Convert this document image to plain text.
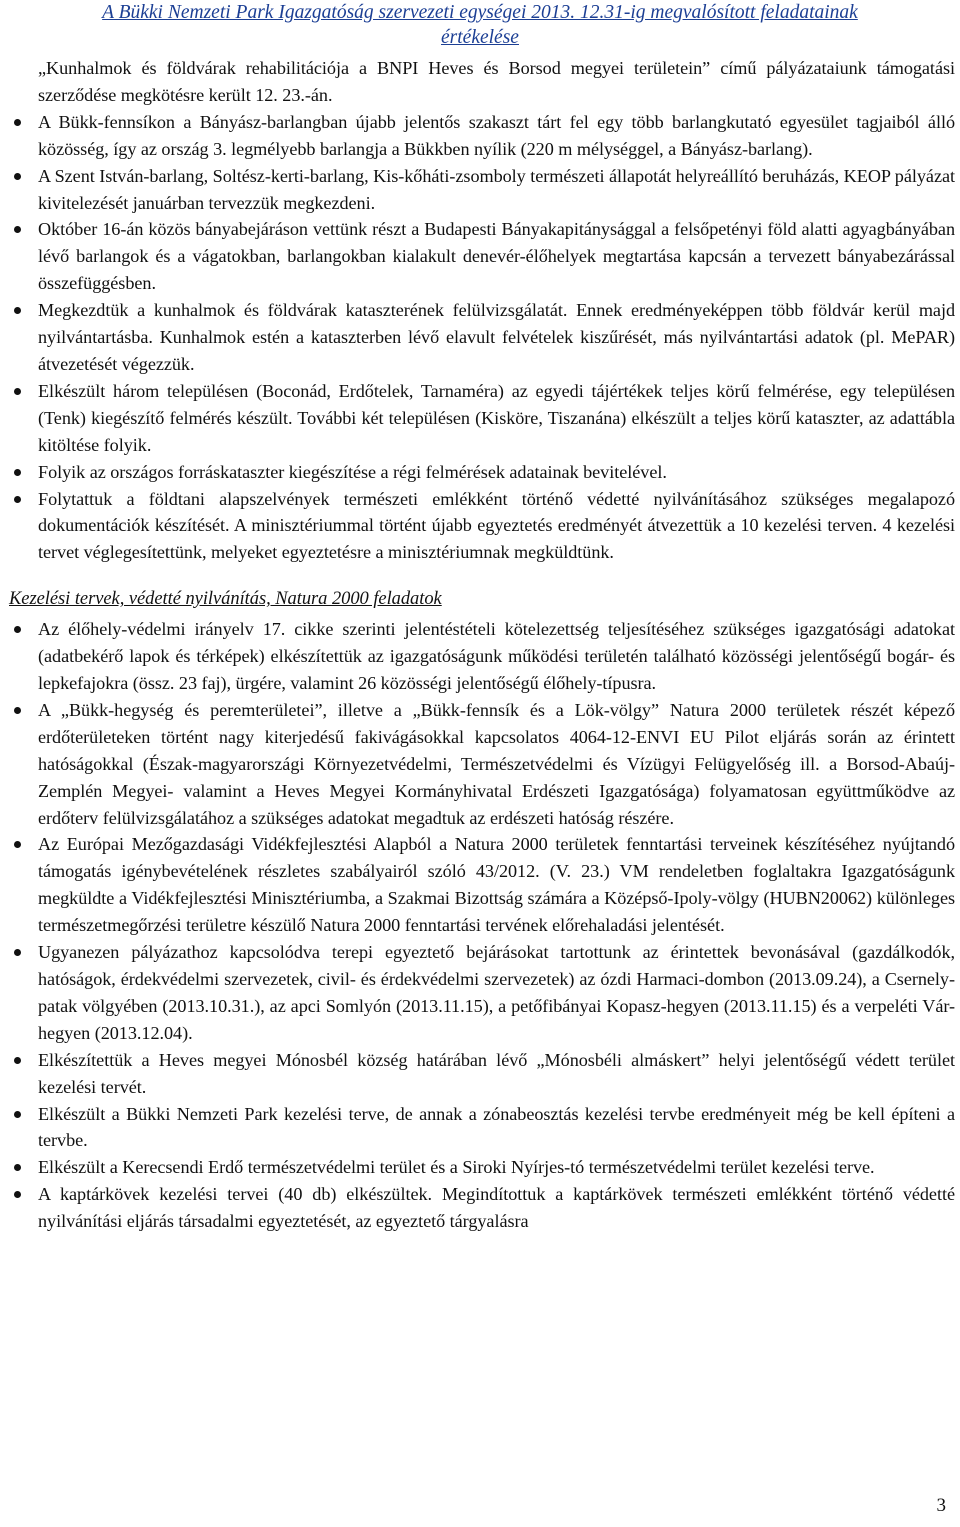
A Bükki Nemzeti Park Igazgatóság szervezeti egységei 2013. 12.31-ig megvalósított feladatainak
értékelése

„Kunhalmok és földvárak rehabilitációja a BNPI Heves és Borsod megyei területein” című pályázataiunk támogatási szerződése megkötésre került 12. 23.-án.

A Bükk-fennsíkon a Bányász-barlangban újabb jelentős szakaszt tárt fel egy több barlangkutató egyesület tagjaiból álló közösség, így az ország 3. legmélyebb barlangja a Bükkben nyílik (220 m mélységgel, a Bányász-barlang).
A Szent István-barlang, Soltész-kerti-barlang, Kis-kőháti-zsomboly természeti állapotát helyreállító beruházás, KEOP pályázat kivitelezését januárban tervezzük megkezdeni.
Október 16-án közös bányabejáráson vettünk részt a Budapesti Bányakapitánysággal a felsőpetényi föld alatti agyagbányában lévő barlangok és a vágatokban, barlangokban kialakult denevér-élőhelyek megtartása kapcsán a tervezett bányabezárással összefüggésben.
Megkezdtük a kunhalmok és földvárak kataszterének felülvizsgálatát. Ennek eredményeképpen több földvár kerül majd nyilvántartásba. Kunhalmok estén a kataszterben lévő elavult felvételek kiszűrését, más nyilvántartási adatok (pl. MePAR) átvezetését végezzük.
Elkészült három településen (Boconád, Erdőtelek, Tarnaméra) az egyedi tájértékek teljes körű felmérése, egy településen (Tenk) kiegészítő felmérés készült. További két településen (Kisköre, Tiszanána) elkészült a teljes körű kataszter, az adattábla kitöltése folyik.
Folyik az országos forráskataszter kiegészítése a régi felmérések adatainak bevitelével.
Folytattuk a földtani alapszelvények természeti emlékként történő védetté nyilvánításához szükséges megalapozó dokumentációk készítését. A minisztériummal történt újabb egyeztetés eredményét átvezettük a 10 kezelési terven. 4 kezelési tervet véglegesítettünk, melyeket egyeztetésre a minisztériumnak megküldtünk.
Kezelési tervek, védetté nyilvánítás, Natura 2000 feladatok
Az élőhely-védelmi irányelv 17. cikke szerinti jelentéstételi kötelezettség teljesítéséhez szükséges igazgatósági adatokat (adatbekérő lapok és térképek) elkészítettük az igazgatóságunk működési területén található közösségi jelentőségű bogár- és lepkefajokra (össz. 23 faj), ürgére, valamint 26 közösségi jelentőségű élőhely-típusra.
A „Bükk-hegység és peremterületei”, illetve a „Bükk-fennsík és a Lök-völgy” Natura 2000 területek részét képező erdőterületeken történt nagy kiterjedésű fakivágásokkal kapcsolatos 4064-12-ENVI EU Pilot eljárás során az érintett hatóságokkal (Észak-magyarországi Környezetvédelmi, Természetvédelmi és Vízügyi Felügyelőség ill. a Borsod-Abaúj-Zemplén Megyei- valamint a Heves Megyei Kormányhivatal Erdészeti Igazgatósága) folyamatosan együttműködve az erdőterv felülvizsgálatához a szükséges adatokat megadtuk az erdészeti hatóság részére.
Az Európai Mezőgazdasági Vidékfejlesztési Alapból a Natura 2000 területek fenntartási terveinek készítéséhez nyújtandó támogatás igénybevételének részletes szabályairól szóló 43/2012. (V. 23.) VM rendeletben foglaltakra Igazgatóságunk megküldte a Vidékfejlesztési Minisztériumba, a Szakmai Bizottság számára a Középső-Ipoly-völgy (HUBN20062) különleges természetmegőrzési területre készülő Natura 2000 fenntartási tervének előrehaladási jelentését.
Ugyanezen pályázathoz kapcsolódva terepi egyeztető bejárásokat tartottunk az érintettek bevonásával (gazdálkodók, hatóságok, érdekvédelmi szervezetek, civil- és érdekvédelmi szervezetek) az ózdi Harmaci-dombon (2013.09.24), a Csernely-patak völgyében (2013.10.31.), az apci Somlyón (2013.11.15), a petőfibányai Kopasz-hegyen (2013.11.15) és a verpeléti Vár-hegyen (2013.12.04).
Elkészítettük a Heves megyei Mónosbél község határában lévő „Mónosbéli almáskert” helyi jelentőségű védett terület kezelési tervét.
Elkészült a Bükki Nemzeti Park kezelési terve, de annak a zónabeosztás kezelési tervbe eredményeit még be kell építeni a tervbe.
Elkészült a Kerecsendi Erdő természetvédelmi terület és a Siroki Nyírjes-tó természetvédelmi terület kezelési terve.
A kaptárkövek kezelési tervei (40 db) elkészültek. Megindítottuk a kaptárkövek természeti emlékként történő védetté nyilvánítási eljárás társadalmi egyeztetését, az egyeztető tárgyalásra
3
